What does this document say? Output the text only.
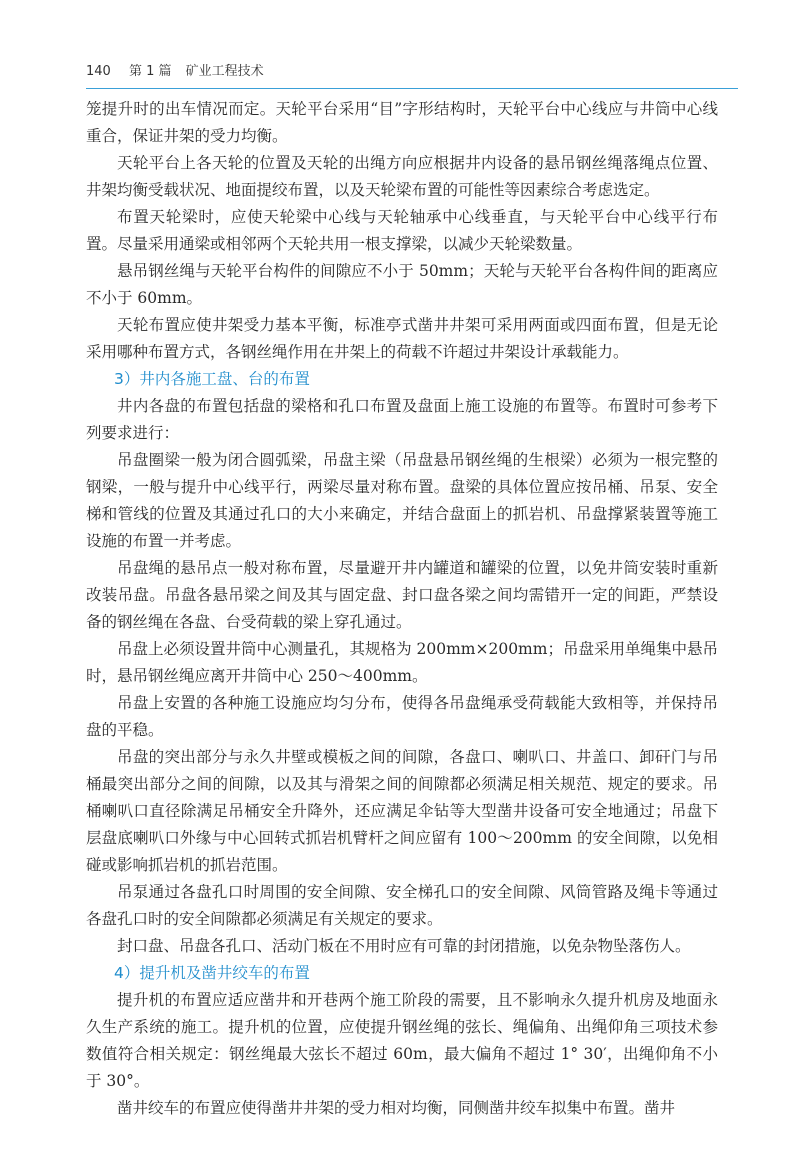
140 第 1 篇 矿业工程技术

笼提升时的出车情况而定。天轮平台采用“目”字形结构时，天轮平台中心线应与井筒中心线重合，保证井架的受力均衡。

天轮平台上各天轮的位置及天轮的出绳方向应根据井内设备的悬吊钢丝绳落绳点位置、井架均衡受载状况、地面提绞布置，以及天轮梁布置的可能性等因素综合考虑选定。

布置天轮梁时，应使天轮梁中心线与天轮轴承中心线垂直，与天轮平台中心线平行布置。尽量采用通梁或相邻两个天轮共用一根支撑梁，以减少天轮梁数量。

悬吊钢丝绳与天轮平台构件的间隙应不小于 50mm；天轮与天轮平台各构件间的距离应不小于 60mm。

天轮布置应使井架受力基本平衡，标准亭式凿井井架可采用两面或四面布置，但是无论采用哪种布置方式，各钢丝绳作用在井架上的荷载不许超过井架设计承载能力。

3）井内各施工盘、台的布置

井内各盘的布置包括盘的梁格和孔口布置及盘面上施工设施的布置等。布置时可参考下列要求进行：

吊盘圈梁一般为闭合圆弧梁，吊盘主梁（吊盘悬吊钢丝绳的生根梁）必须为一根完整的钢梁，一般与提升中心线平行，两梁尽量对称布置。盘梁的具体位置应按吊桶、吊泵、安全梯和管线的位置及其通过孔口的大小来确定，并结合盘面上的抓岩机、吊盘撑紧装置等施工设施的布置一并考虑。

吊盘绳的悬吊点一般对称布置，尽量避开井内罐道和罐梁的位置，以免井筒安装时重新改装吊盘。吊盘各悬吊梁之间及其与固定盘、封口盘各梁之间均需错开一定的间距，严禁设备的钢丝绳在各盘、台受荷载的梁上穿孔通过。

吊盘上必须设置井筒中心测量孔，其规格为 200mm×200mm；吊盘采用单绳集中悬吊时，悬吊钢丝绳应离开井筒中心 250～400mm。

吊盘上安置的各种施工设施应均匀分布，使得各吊盘绳承受荷载能大致相等，并保持吊盘的平稳。

吊盘的突出部分与永久井壁或模板之间的间隙，各盘口、喇叭口、井盖口、卸矸门与吊桶最突出部分之间的间隙，以及其与滑架之间的间隙都必须满足相关规范、规定的要求。吊桶喇叭口直径除满足吊桶安全升降外，还应满足伞钻等大型凿井设备可安全地通过；吊盘下层盘底喇叭口外缘与中心回转式抓岩机臂杆之间应留有 100～200mm 的安全间隙，以免相碰或影响抓岩机的抓岩范围。

吊泵通过各盘孔口时周围的安全间隙、安全梯孔口的安全间隙、风筒管路及绳卡等通过各盘孔口时的安全间隙都必须满足有关规定的要求。

封口盘、吊盘各孔口、活动门板在不用时应有可靠的封闭措施，以免杂物坠落伤人。

4）提升机及凿井绞车的布置

提升机的布置应适应凿井和开巷两个施工阶段的需要，且不影响永久提升机房及地面永久生产系统的施工。提升机的位置，应使提升钢丝绳的弦长、绳偏角、出绳仰角三项技术参数值符合相关规定：钢丝绳最大弦长不超过 60m，最大偏角不超过 1° 30′，出绳仰角不小于 30°。

凿井绞车的布置应使得凿井井架的受力相对均衡，同侧凿井绞车拟集中布置。凿井
